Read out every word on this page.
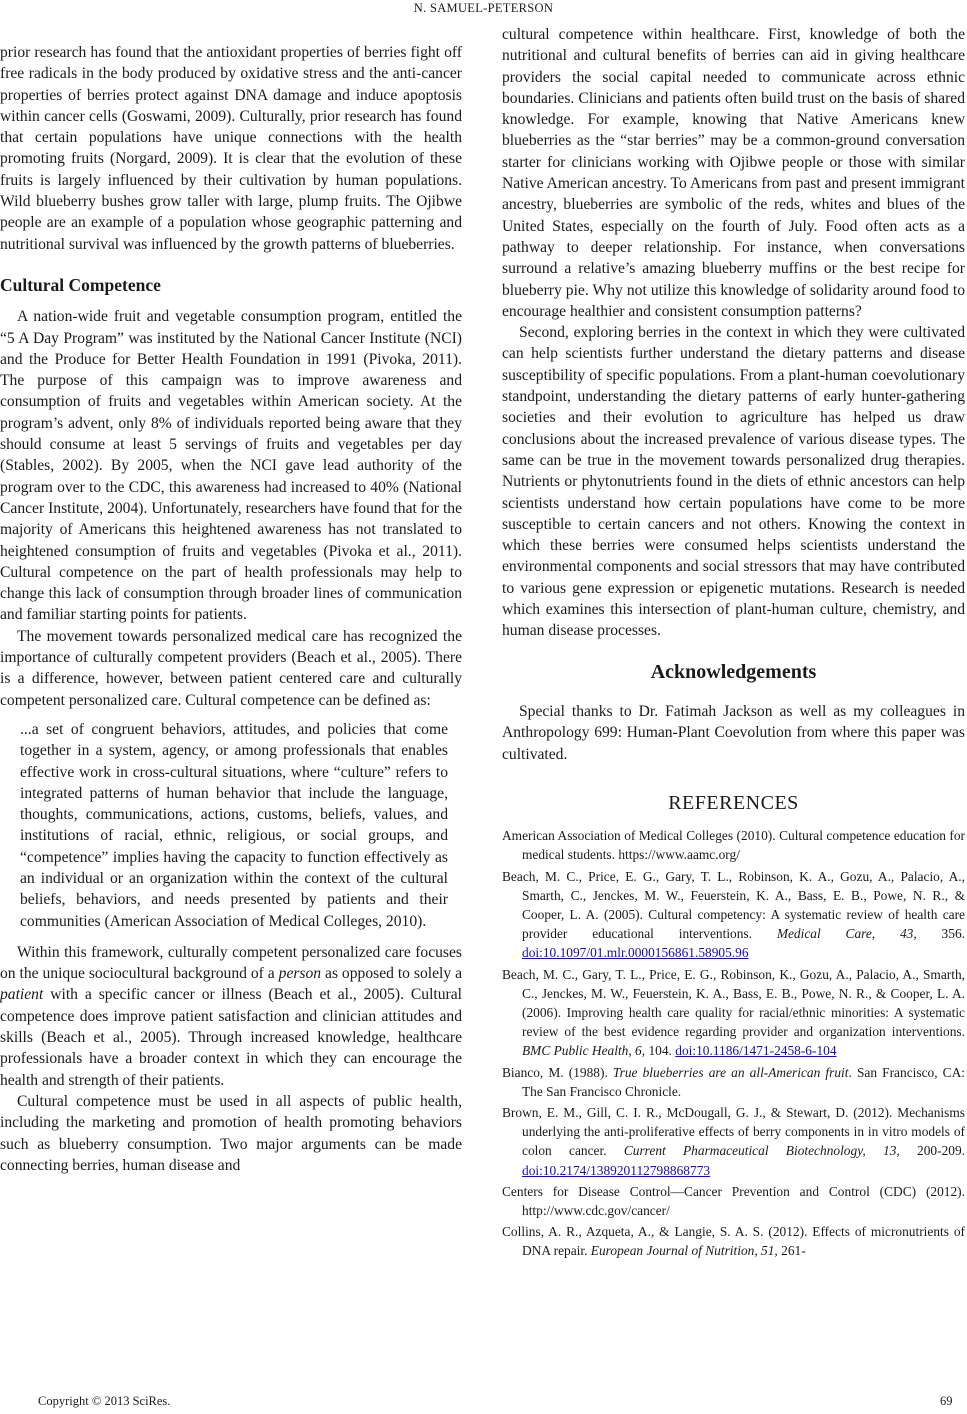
N. SAMUEL-PETERSON

prior research has found that the antioxidant properties of berries fight off free radicals in the body produced by oxidative stress and the anti-cancer properties of berries protect against DNA damage and induce apoptosis within cancer cells (Goswami, 2009). Culturally, prior research has found that certain populations have unique connections with the health promoting fruits (Norgard, 2009). It is clear that the evolution of these fruits is largely influenced by their cultivation by human populations. Wild blueberry bushes grow taller with large, plump fruits. The Ojibwe people are an example of a population whose geographic patterning and nutritional survival was influenced by the growth patterns of blueberries.

Cultural Competence

A nation-wide fruit and vegetable consumption program, entitled the “5 A Day Program” was instituted by the National Cancer Institute (NCI) and the Produce for Better Health Foundation in 1991 (Pivoka, 2011). The purpose of this campaign was to improve awareness and consumption of fruits and vegetables within American society. At the program’s advent, only 8% of individuals reported being aware that they should consume at least 5 servings of fruits and vegetables per day (Stables, 2002). By 2005, when the NCI gave lead authority of the program over to the CDC, this awareness had increased to 40% (National Cancer Institute, 2004). Unfortunately, researchers have found that for the majority of Americans this heightened awareness has not translated to heightened consumption of fruits and vegetables (Pivoka et al., 2011). Cultural competence on the part of health professionals may help to change this lack of consumption through broader lines of communication and familiar starting points for patients.

The movement towards personalized medical care has recognized the importance of culturally competent providers (Beach et al., 2005). There is a difference, however, between patient centered care and culturally competent personalized care. Cultural competence can be defined as:

...a set of congruent behaviors, attitudes, and policies that come together in a system, agency, or among professionals that enables effective work in cross-cultural situations, where “culture” refers to integrated patterns of human behavior that include the language, thoughts, communications, actions, customs, beliefs, values, and institutions of racial, ethnic, religious, or social groups, and “competence” implies having the capacity to function effectively as an individual or an organization within the context of the cultural beliefs, behaviors, and needs presented by patients and their communities (American Association of Medical Colleges, 2010).

Within this framework, culturally competent personalized care focuses on the unique sociocultural background of a person as opposed to solely a patient with a specific cancer or illness (Beach et al., 2005). Cultural competence does improve patient satisfaction and clinician attitudes and skills (Beach et al., 2005). Through increased knowledge, healthcare professionals have a broader context in which they can encourage the health and strength of their patients.

Cultural competence must be used in all aspects of public health, including the marketing and promotion of health promoting behaviors such as blueberry consumption. Two major arguments can be made connecting berries, human disease and

cultural competence within healthcare. First, knowledge of both the nutritional and cultural benefits of berries can aid in giving healthcare providers the social capital needed to communicate across ethnic boundaries. Clinicians and patients often build trust on the basis of shared knowledge. For example, knowing that Native Americans knew blueberries as the “star berries” may be a common-ground conversation starter for clinicians working with Ojibwe people or those with similar Native American ancestry. To Americans from past and present immigrant ancestry, blueberries are symbolic of the reds, whites and blues of the United States, especially on the fourth of July. Food often acts as a pathway to deeper relationship. For instance, when conversations surround a relative’s amazing blueberry muffins or the best recipe for blueberry pie. Why not utilize this knowledge of solidarity around food to encourage healthier and consistent consumption patterns?

Second, exploring berries in the context in which they were cultivated can help scientists further understand the dietary patterns and disease susceptibility of specific populations. From a plant-human coevolutionary standpoint, understanding the dietary patterns of early hunter-gathering societies and their evolution to agriculture has helped us draw conclusions about the increased prevalence of various disease types. The same can be true in the movement towards personalized drug therapies. Nutrients or phytonutrients found in the diets of ethnic ancestors can help scientists understand how certain populations have come to be more susceptible to certain cancers and not others. Knowing the context in which these berries were consumed helps scientists understand the environmental components and social stressors that may have contributed to various gene expression or epigenetic mutations. Research is needed which examines this intersection of plant-human culture, chemistry, and human disease processes.

Acknowledgements

Special thanks to Dr. Fatimah Jackson as well as my colleagues in Anthropology 699: Human-Plant Coevolution from where this paper was cultivated.

REFERENCES
American Association of Medical Colleges (2010). Cultural competence education for medical students. https://www.aamc.org/
Beach, M. C., Price, E. G., Gary, T. L., Robinson, K. A., Gozu, A., Palacio, A., Smarth, C., Jenckes, M. W., Feuerstein, K. A., Bass, E. B., Powe, N. R., & Cooper, L. A. (2005). Cultural competency: A systematic review of health care provider educational interventions. Medical Care, 43, 356. doi:10.1097/01.mlr.0000156861.58905.96
Beach, M. C., Gary, T. L., Price, E. G., Robinson, K., Gozu, A., Palacio, A., Smarth, C., Jenckes, M. W., Feuerstein, K. A., Bass, E. B., Powe, N. R., & Cooper, L. A. (2006). Improving health care quality for racial/ethnic minorities: A systematic review of the best evidence regarding provider and organization interventions. BMC Public Health, 6, 104. doi:10.1186/1471-2458-6-104
Bianco, M. (1988). True blueberries are an all-American fruit. San Francisco, CA: The San Francisco Chronicle.
Brown, E. M., Gill, C. I. R., McDougall, G. J., & Stewart, D. (2012). Mechanisms underlying the anti-proliferative effects of berry components in in vitro models of colon cancer. Current Pharmaceutical Biotechnology, 13, 200-209. doi:10.2174/138920112798868773
Centers for Disease Control—Cancer Prevention and Control (CDC) (2012). http://www.cdc.gov/cancer/
Collins, A. R., Azqueta, A., & Langie, S. A. S. (2012). Effects of micronutrients of DNA repair. European Journal of Nutrition, 51, 261-
Copyright © 2013 SciRes.	69
